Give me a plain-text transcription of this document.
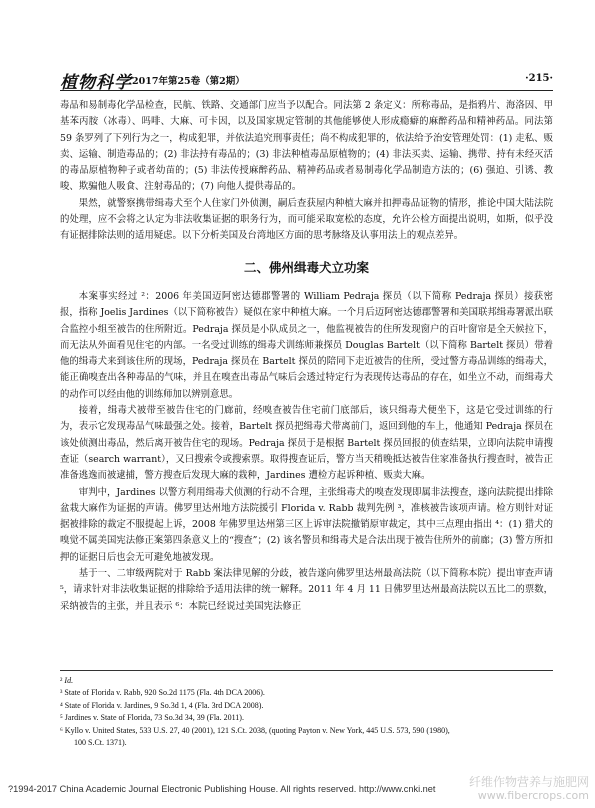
植物科学 2017年第25卷（第2期）	·215·

毒品和易制毒化学品检查，民航、铁路、交通部门应当予以配合。同法第 2 条定义：所称毒品，是指鸦片、海洛因、甲基苯丙胺（冰毒）、吗啡、大麻、可卡因，以及国家规定管制的其他能够使人形成瘾癖的麻醉药品和精神药品。同法第 59 条罗列了下列行为之一，构成犯罪，并依法追究刑事责任；尚不构成犯罪的，依法给予治安管理处罚：(1) 走私、贩卖、运输、制造毒品的；(2) 非法持有毒品的；(3) 非法种植毒品原植物的；(4) 非法买卖、运输、携带、持有未经灭活的毒品原植物种子或者幼苗的；(5) 非法传授麻醉药品、精神药品或者易制毒化学品制造方法的；(6) 强迫、引诱、教唆、欺骗他人吸食、注射毒品的；(7) 向他人提供毒品的。

果然，就警察携带缉毒犬至个人住家门外侦测，嗣后查获屋内种植大麻并扣押毒品证物的情形，推论中国大陆法院的处理，应不会将之认定为非法收集证据的职务行为，而可能采取宽松的态度，允许公检方面提出说明，如斯，似乎没有证据排除法则的适用疑虑。以下分析美国及台湾地区方面的思考脉络及认事用法上的观点差异。

二、佛州缉毒犬立功案

本案事实经过 ²：2006 年美国迈阿密达德郡警署的 William Pedraja 探员（以下简称 Pedraja 探员）接获密报，指称 Joelis Jardines（以下简称被告）疑似在家中种植大麻。一个月后迈阿密达德郡警署和美国联邦缉毒署派出联合监控小组至被告的住所附近。Pedraja 探员是小队成员之一，他监视被告的住所发现窗户的百叶窗帘是全天候拉下，而无法从外面看见住宅的内部。一名受过训练的缉毒犬训练师兼探员 Douglas Bartelt（以下简称 Bartelt 探员）带着他的缉毒犬来到该住所的现场，Pedraja 探员在 Bartelt 探员的陪同下走近被告的住所，受过警方毒品训练的缉毒犬，能正确嗅查出各种毒品的气味，并且在嗅查出毒品气味后会透过特定行为表现传达毒品的存在，如坐立不动，而缉毒犬的动作可以经由他的训练师加以辨别意思。

接着，缉毒犬被带至被告住宅的门廊前，经嗅查被告住宅前门底部后，该只缉毒犬便坐下，这是它受过训练的行为，表示它发现毒品气味最强之处。接着，Bartelt 探员把缉毒犬带离前门，返回到他的车上，他通知 Pedraja 探员在该处侦测出毒品，然后离开被告住宅的现场。Pedraja 探员于是根据 Bartelt 探员回报的侦查结果，立即向法院申请搜查证（search warrant），又曰搜索令或搜索票。取得搜查证后，警方当天稍晚抵达被告住家准备执行搜查时，被告正准备逃逸而被逮捕，警方搜查后发现大麻的栽种，Jardines 遭检方起诉种植、贩卖大麻。

审判中，Jardines 以警方利用缉毒犬侦测的行动不合理，主张缉毒犬的嗅查发现即属非法搜查，遂向法院提出排除盆栽大麻作为证据的声请。佛罗里达州地方法院援引 Florida v. Rabb 裁判先例 ³，准核被告该项声请。检方则针对证据被排除的裁定不服提起上诉，2008 年佛罗里达州第三区上诉审法院撤销原审裁定，其中三点理由指出 ⁴：(1) 猎犬的嗅觉不属美国宪法修正案第四条意义上的“搜查”；(2) 该名警员和缉毒犬是合法出现于被告住所外的前廊；(3) 警方所扣押的证据日后也会无可避免地被发现。

基于一、二审级两院对于 Rabb 案法律见解的分歧，被告遂向佛罗里达州最高法院（以下简称本院）提出审查声请 ⁵，请求针对非法收集证据的排除给予适用法律的统一解释。2011 年 4 月 11 日佛罗里达州最高法院以五比二的票数，采纳被告的主张，并且表示 ⁶：本院已经说过美国宪法修正

² Id.
³ State of Florida v. Rabb, 920 So.2d 1175 (Fla. 4th DCA 2006).
⁴ State of Florida v. Jardines, 9 So.3d 1, 4 (Fla. 3rd DCA 2008).
⁵ Jardines v. State of Florida, 73 So.3d 34, 39 (Fla. 2011).
⁶ Kyllo v. United States, 533 U.S. 27, 40 (2001), 121 S.Ct. 2038, (quoting Payton v. New York, 445 U.S. 573, 590 (1980),
100 S.Ct. 1371).
?1994-2017 China Academic Journal Electronic Publishing House. All rights reserved. http://www.cnki.net	纤维作物营养与施肥网
www.fibercrops.com
